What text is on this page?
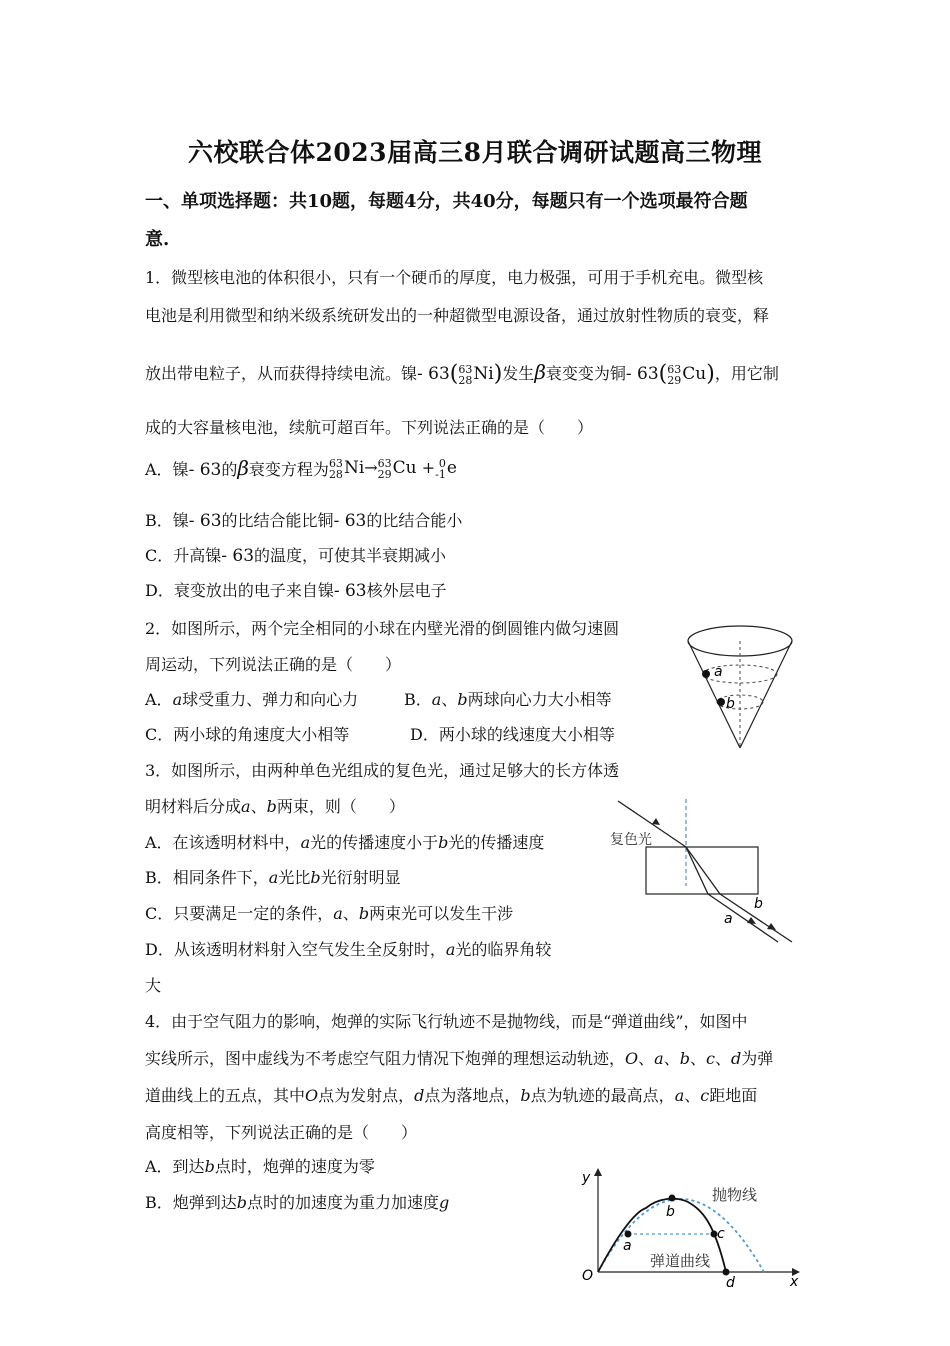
六校联合体2023届高三8月联合调研试题高三物理
一、单项选择题：共10题，每题4分，共40分，每题只有一个选项最符合题
意.
1．微型核电池的体积很小，只有一个硬币的厚度，电力极强，可用于手机充电。微型核
电池是利用微型和纳米级系统研发出的一种超微型电源设备，通过放射性物质的衰变，释
放出带电粒子，从而获得持续电流。镍- 63( 63
28 Ni)发生β衰变变为铜- 63( 63
29 Cu)，用它制
成的大容量核电池，续航可超百年。下列说法正确的是（　　）
A．镍- 63的β衰变方程为 63
28 Ni→ 63
29 Cu + 0
-1 e
B．镍- 63的比结合能比铜- 63的比结合能小
C．升高镍- 63的温度，可使其半衰期减小
D．衰变放出的电子来自镍- 63核外层电子
2．如图所示，两个完全相同的小球在内壁光滑的倒圆锥内做匀速圆
周运动，下列说法正确的是（　　）
A．a球受重力、弹力和向心力	B．a、b两球向心力大小相等
C．两小球的角速度大小相等	D．两小球的线速度大小相等
a
b
3．如图所示，由两种单色光组成的复色光，通过足够大的长方体透
明材料后分成a、b两束，则（　　）
A．在该透明材料中，a光的传播速度小于b光的传播速度
B．相同条件下，a光比b光衍射明显
C．只要满足一定的条件，a、b两束光可以发生干涉
D．从该透明材料射入空气发生全反射时，a光的临界角较
大
复色光
a
b
4．由于空气阻力的影响，炮弹的实际飞行轨迹不是抛物线，而是“弹道曲线”，如图中
实线所示，图中虚线为不考虑空气阻力情况下炮弹的理想运动轨迹，O、a、b、c、d为弹
道曲线上的五点，其中O点为发射点，d点为落地点，b点为轨迹的最高点，a、c距地面
高度相等，下列说法正确的是（　　）
A．到达b点时，炮弹的速度为零
B．炮弹到达b点时的加速度为重力加速度g
y
x
O
a
b
c
d
抛物线
弹道曲线
